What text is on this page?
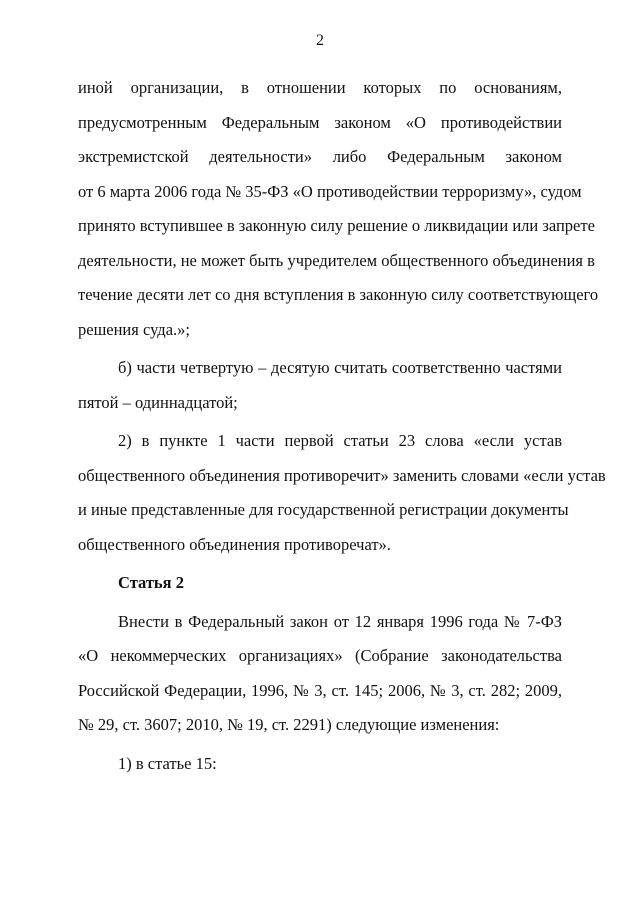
2
иной организации, в отношении которых по основаниям,
предусмотренным Федеральным законом «О противодействии
экстремистской деятельности» либо Федеральным законом
от 6 марта 2006 года № 35-ФЗ «О противодействии терроризму», судом
принято вступившее в законную силу решение о ликвидации или запрете
деятельности, не может быть учредителем общественного объединения в
течение десяти лет со дня вступления в законную силу соответствующего
решения суда.»;
б) части четвертую – десятую считать соответственно частями
пятой – одиннадцатой;
2) в пункте 1 части первой статьи 23 слова «если устав
общественного объединения противоречит» заменить словами «если устав
и иные представленные для государственной регистрации документы
общественного объединения противоречат».
Статья 2
Внести в Федеральный закон от 12 января 1996 года № 7-ФЗ
«О некоммерческих организациях» (Собрание законодательства
Российской Федерации, 1996, № 3, ст. 145; 2006, № 3, ст. 282; 2009,
№ 29, ст. 3607; 2010, № 19, ст. 2291) следующие изменения:
1) в статье 15:
